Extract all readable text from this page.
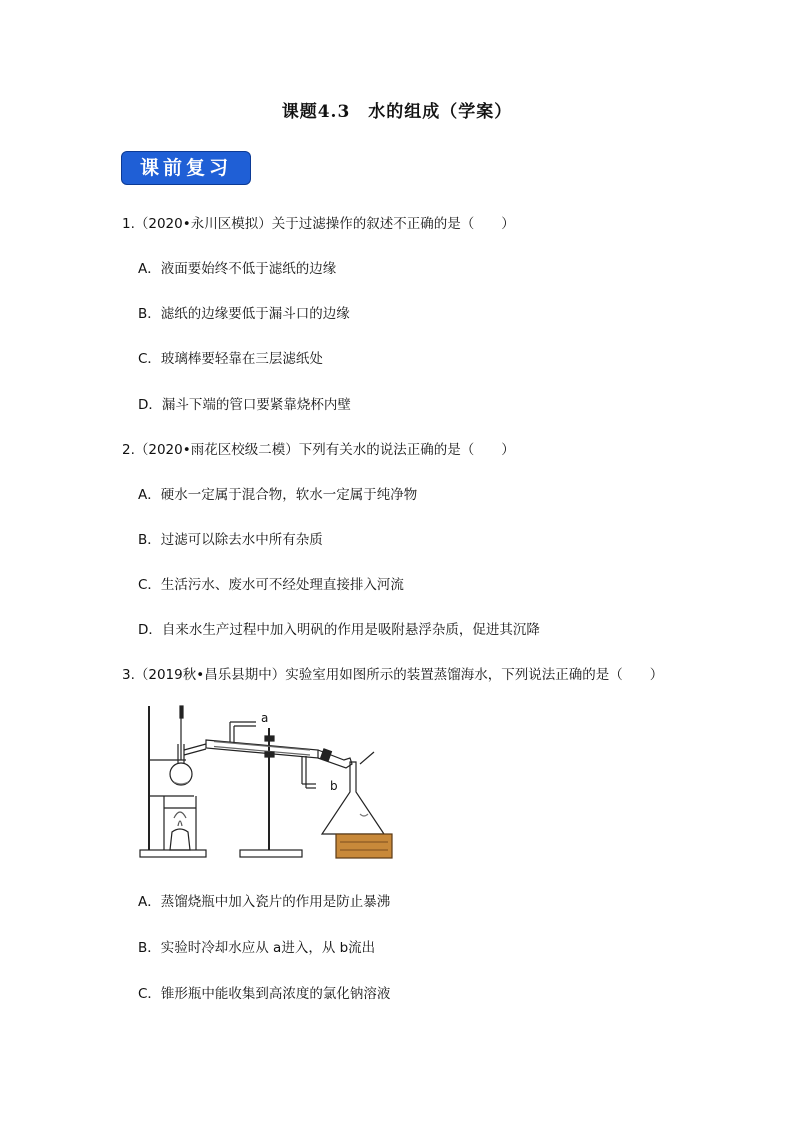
课题4.3　水的组成（学案）
课前复习
1.（2020•永川区模拟）关于过滤操作的叙述不正确的是（　　）
A．液面要始终不低于滤纸的边缘
B．滤纸的边缘要低于漏斗口的边缘
C．玻璃棒要轻靠在三层滤纸处
D．漏斗下端的管口要紧靠烧杯内壁
2.（2020•雨花区校级二模）下列有关水的说法正确的是（　　）
A．硬水一定属于混合物，软水一定属于纯净物
B．过滤可以除去水中所有杂质
C．生活污水、废水可不经处理直接排入河流
D．自来水生产过程中加入明矾的作用是吸附悬浮杂质，促进其沉降
3.（2019秋•昌乐县期中）实验室用如图所示的装置蒸馏海水，下列说法正确的是（　　）
a
b
A．蒸馏烧瓶中加入瓷片的作用是防止暴沸
B．实验时冷却水应从 a进入，从 b流出
C．锥形瓶中能收集到高浓度的氯化钠溶液
